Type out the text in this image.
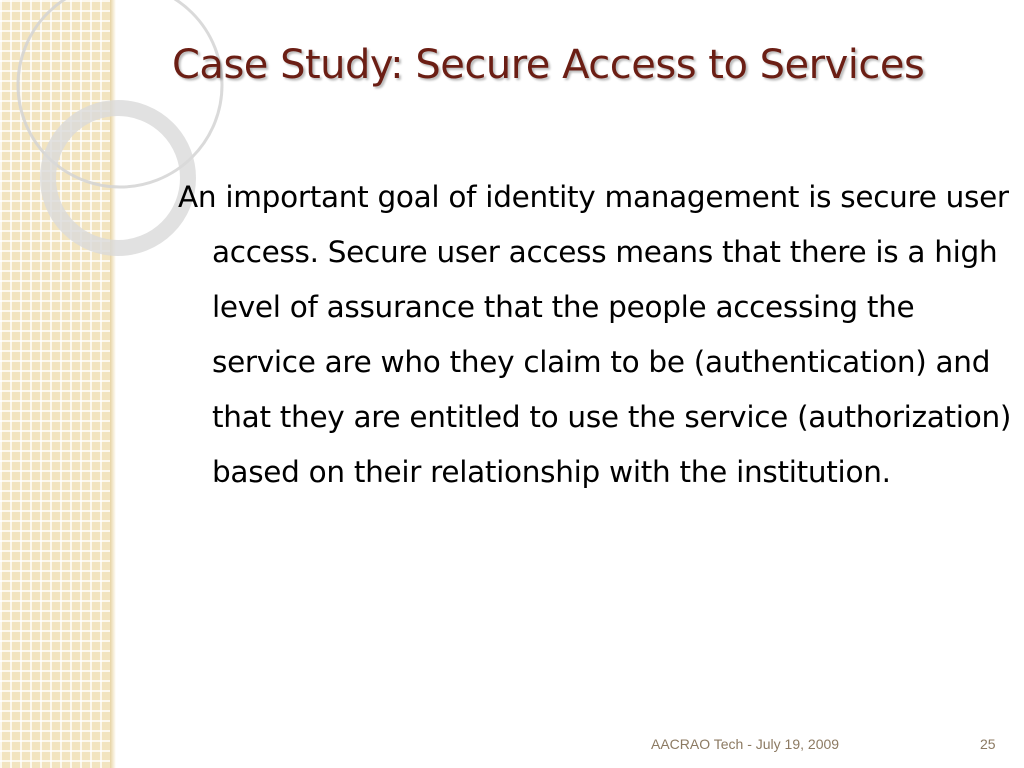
Case Study: Secure Access to Services

An important goal of identity management is secure user access. Secure user access means that there is a high level of assurance that the people accessing the service are who they claim to be (authentication) and that they are entitled to use the service (authorization) based on their relationship with the institution.

AACRAO Tech - July 19, 2009	25
